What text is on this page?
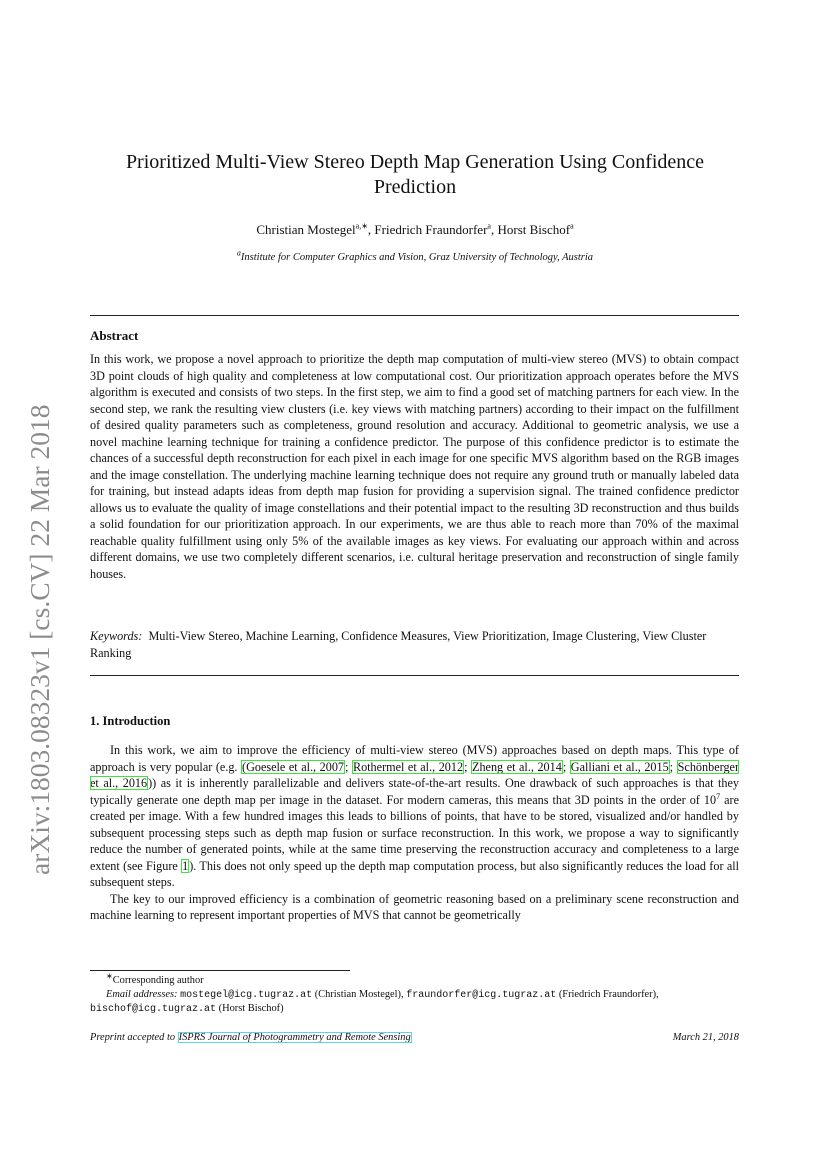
arXiv:1803.08323v1 [cs.CV] 22 Mar 2018
Prioritized Multi-View Stereo Depth Map Generation Using Confidence Prediction
Christian Mostegel$^{a,∗}$, Friedrich Fraundorfer$^a$, Horst Bischof$^a$
$^a$Institute for Computer Graphics and Vision, Graz University of Technology, Austria
Abstract

In this work, we propose a novel approach to prioritize the depth map computation of multi-view stereo (MVS) to obtain compact 3D point clouds of high quality and completeness at low computational cost. Our prioritization approach operates before the MVS algorithm is executed and consists of two steps. In the first step, we aim to find a good set of matching partners for each view. In the second step, we rank the resulting view clusters (i.e. key views with matching partners) according to their impact on the fulfillment of desired quality parameters such as completeness, ground resolution and accuracy. Additional to geometric analysis, we use a novel machine learning technique for training a confidence predictor. The purpose of this confidence predictor is to estimate the chances of a successful depth reconstruction for each pixel in each image for one specific MVS algorithm based on the RGB images and the image constellation. The underlying machine learning technique does not require any ground truth or manually labeled data for training, but instead adapts ideas from depth map fusion for providing a supervision signal. The trained confidence predictor allows us to evaluate the quality of image constellations and their potential impact to the resulting 3D reconstruction and thus builds a solid foundation for our prioritization approach. In our experiments, we are thus able to reach more than 70% of the maximal reachable quality fulfillment using only 5% of the available images as key views. For evaluating our approach within and across different domains, we use two completely different scenarios, i.e. cultural heritage preservation and reconstruction of single family houses.

Keywords: Multi-View Stereo, Machine Learning, Confidence Measures, View Prioritization, Image Clustering, View Cluster Ranking
1. Introduction

In this work, we aim to improve the efficiency of multi-view stereo (MVS) approaches based on depth maps. This type of approach is very popular (e.g. (Goesele et al., 2007; Rothermel et al., 2012; Zheng et al., 2014; Galliani et al., 2015; Schönberger et al., 2016)) as it is inherently parallelizable and delivers state-of-the-art results. One drawback of such approaches is that they typically generate one depth map per image in the dataset. For modern cameras, this means that 3D points in the order of $10^7$ are created per image. With a few hundred images this leads to billions of points, that have to be stored, visualized and/or handled by subsequent processing steps such as depth map fusion or surface reconstruction. In this work, we propose a way to significantly reduce the number of generated points, while at the same time preserving the reconstruction accuracy and completeness to a large extent (see Figure 1). This does not only speed up the depth map computation process, but also significantly reduces the load for all subsequent steps.

The key to our improved efficiency is a combination of geometric reasoning based on a preliminary scene reconstruction and machine learning to represent important properties of MVS that cannot be geometrically

∗Corresponding author
Email addresses: mostegel@icg.tugraz.at (Christian Mostegel), fraundorfer@icg.tugraz.at (Friedrich Fraundorfer),
bischof@icg.tugraz.at (Horst Bischof)
Preprint accepted to ISPRS Journal of Photogrammetry and Remote Sensing	March 21, 2018
